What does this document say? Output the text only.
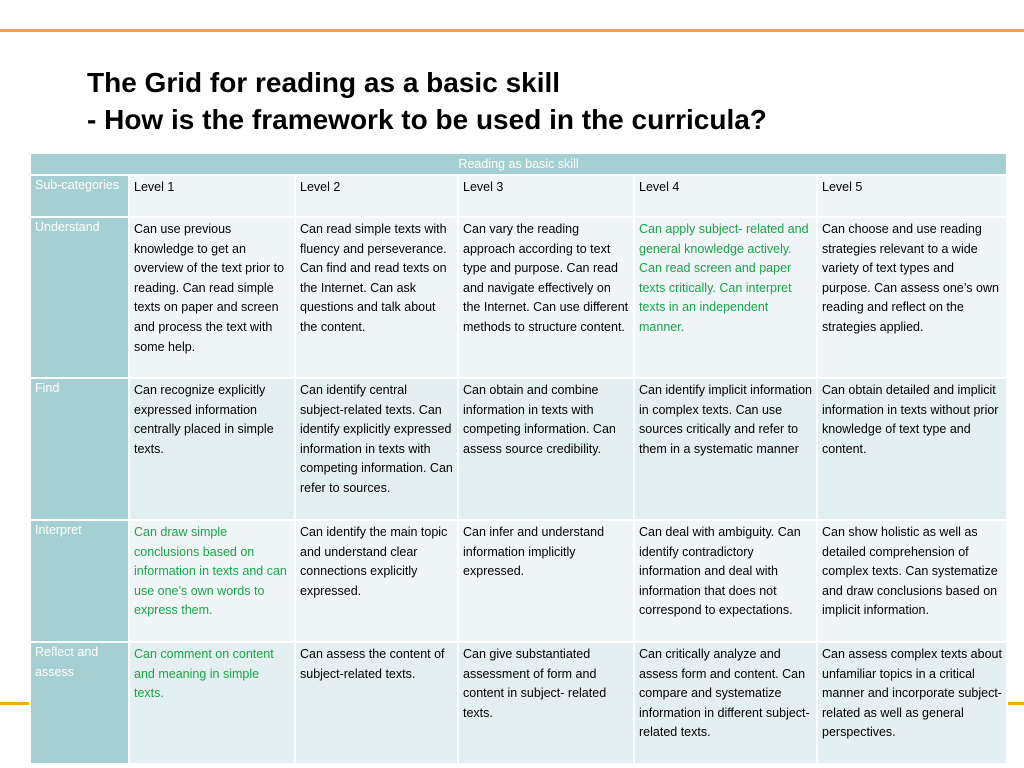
The Grid for reading as a basic skill
- How is the framework to be used in the curricula?
Reading as basic skill					
Sub-categories	Level 1	Level 2	Level 3	Level 4	Level 5
Understand	Can use previous knowledge to get an overview of the text prior to reading. Can read simple texts on paper and screen and process the text with some help.	Can read simple texts with fluency and perseverance. Can find and read texts on the Internet. Can ask questions and talk about the content.	Can vary the reading approach according to text type and purpose. Can read and navigate effectively on the Internet. Can use different methods to structure content.	Can apply subject- related and general knowledge actively. Can read screen and paper texts critically. Can interpret texts in an independent manner.	Can choose and use reading strategies relevant to a wide variety of text types and purpose. Can assess one’s own reading and reflect on the strategies applied.
Find	Can recognize explicitly expressed information centrally placed in simple texts.	Can identify central subject-related texts. Can identify explicitly expressed information in texts with competing information. Can refer to sources.	Can obtain and combine information in texts with competing information. Can assess source credibility.	Can identify implicit information in complex texts. Can use sources critically and refer to them in a systematic manner	Can obtain detailed and implicit information in texts without prior knowledge of text type and content.
Interpret	Can draw simple conclusions based on information in texts and can use one’s own words to express them.	Can identify the main topic and understand clear connections explicitly expressed.	Can infer and understand information implicitly expressed.	Can deal with ambiguity. Can identify contradictory information and deal with information that does not correspond to expectations.	Can show holistic as well as detailed comprehension of complex texts. Can systematize and draw conclusions based on implicit information.
Reflect and assess	Can comment on content and meaning in simple texts.	Can assess the content of subject-related texts.	Can give substantiated assessment of form and content in subject- related texts.	Can critically analyze and assess form and content. Can compare and systematize information in different subject- related texts.	Can assess complex texts about unfamiliar topics in a critical manner and incorporate subject- related as well as general perspectives.
